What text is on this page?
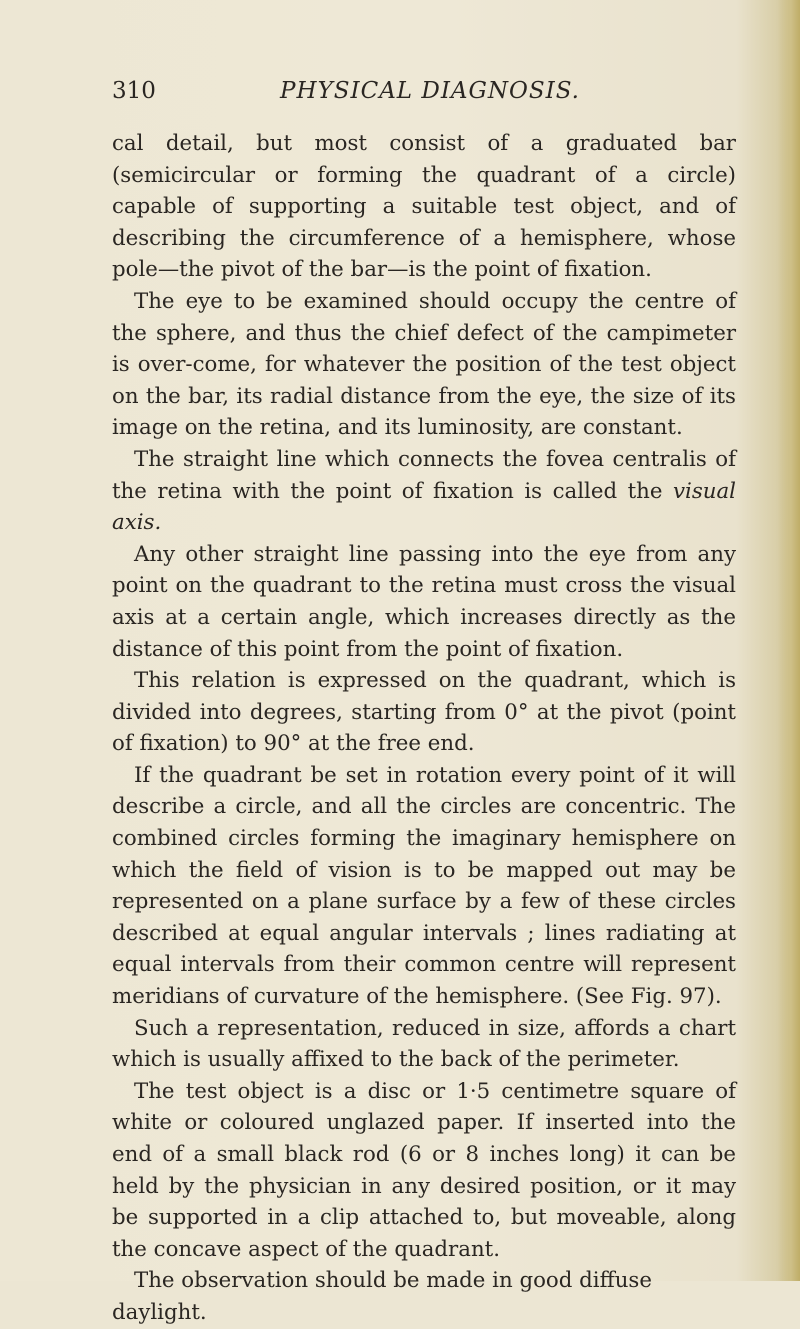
310	PHYSICAL DIAGNOSIS.

cal detail, but most consist of a graduated bar (semicircular or forming the quadrant of a circle) capable of supporting a suitable test object, and of describing the circumference of a hemisphere, whose pole—the pivot of the bar—is the point of fixation.

The eye to be examined should occupy the centre of the sphere, and thus the chief defect of the campimeter is over-come, for whatever the position of the test object on the bar, its radial distance from the eye, the size of its image on the retina, and its luminosity, are constant.

The straight line which connects the fovea centralis of the retina with the point of fixation is called the visual axis.

Any other straight line passing into the eye from any point on the quadrant to the retina must cross the visual axis at a certain angle, which increases directly as the distance of this point from the point of fixation.

This relation is expressed on the quadrant, which is divided into degrees, starting from 0° at the pivot (point of fixation) to 90° at the free end.

If the quadrant be set in rotation every point of it will describe a circle, and all the circles are concentric. The combined circles forming the imaginary hemisphere on which the field of vision is to be mapped out may be represented on a plane surface by a few of these circles described at equal angular intervals ; lines radiating at equal intervals from their common centre will represent meridians of curvature of the hemisphere. (See Fig. 97).

Such a representation, reduced in size, affords a chart which is usually affixed to the back of the perimeter.

The test object is a disc or 1·5 centimetre square of white or coloured unglazed paper. If inserted into the end of a small black rod (6 or 8 inches long) it can be held by the physician in any desired position, or it may be supported in a clip attached to, but moveable, along the concave aspect of the quadrant.

The observation should be made in good diffuse daylight.
